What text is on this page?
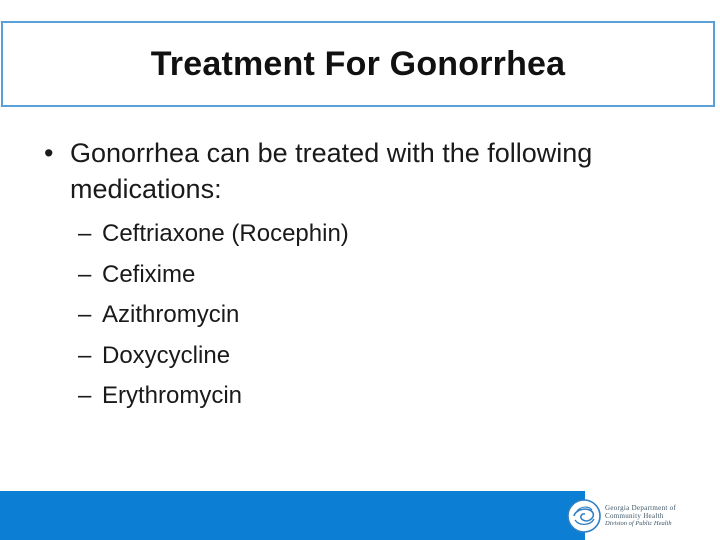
Treatment For Gonorrhea
• Gonorrhea can be treated with the following medications:
– Ceftriaxone (Rocephin)
– Cefixime
– Azithromycin
– Doxycycline
– Erythromycin
Georgia Department of
Community Health
Division of Public Health
